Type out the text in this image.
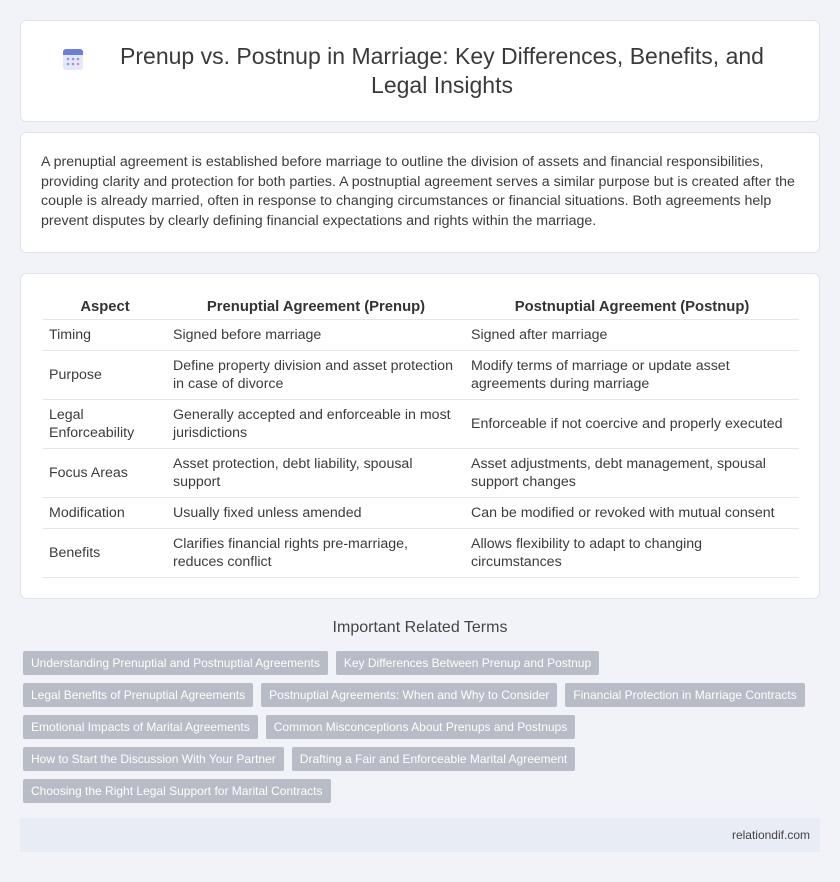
Prenup vs. Postnup in Marriage: Key Differences, Benefits, and Legal Insights

A prenuptial agreement is established before marriage to outline the division of assets and financial responsibilities, providing clarity and protection for both parties. A postnuptial agreement serves a similar purpose but is created after the couple is already married, often in response to changing circumstances or financial situations. Both agreements help prevent disputes by clearly defining financial expectations and rights within the marriage.

Aspect	Prenuptial Agreement (Prenup)	Postnuptial Agreement (Postnup)
Timing	Signed before marriage	Signed after marriage
Purpose	Define property division and asset protection in case of divorce	Modify terms of marriage or update asset agreements during marriage
Legal Enforceability	Generally accepted and enforceable in most jurisdictions	Enforceable if not coercive and properly executed
Focus Areas	Asset protection, debt liability, spousal support	Asset adjustments, debt management, spousal support changes
Modification	Usually fixed unless amended	Can be modified or revoked with mutual consent
Benefits	Clarifies financial rights pre-marriage, reduces conflict	Allows flexibility to adapt to changing circumstances
Important Related Terms
Understanding Prenuptial and Postnuptial Agreements	Key Differences Between Prenup and Postnup
Legal Benefits of Prenuptial Agreements	Postnuptial Agreements: When and Why to Consider	Financial Protection in Marriage Contracts
Emotional Impacts of Marital Agreements	Common Misconceptions About Prenups and Postnups
How to Start the Discussion With Your Partner	Drafting a Fair and Enforceable Marital Agreement
Choosing the Right Legal Support for Marital Contracts
relationdif.com
